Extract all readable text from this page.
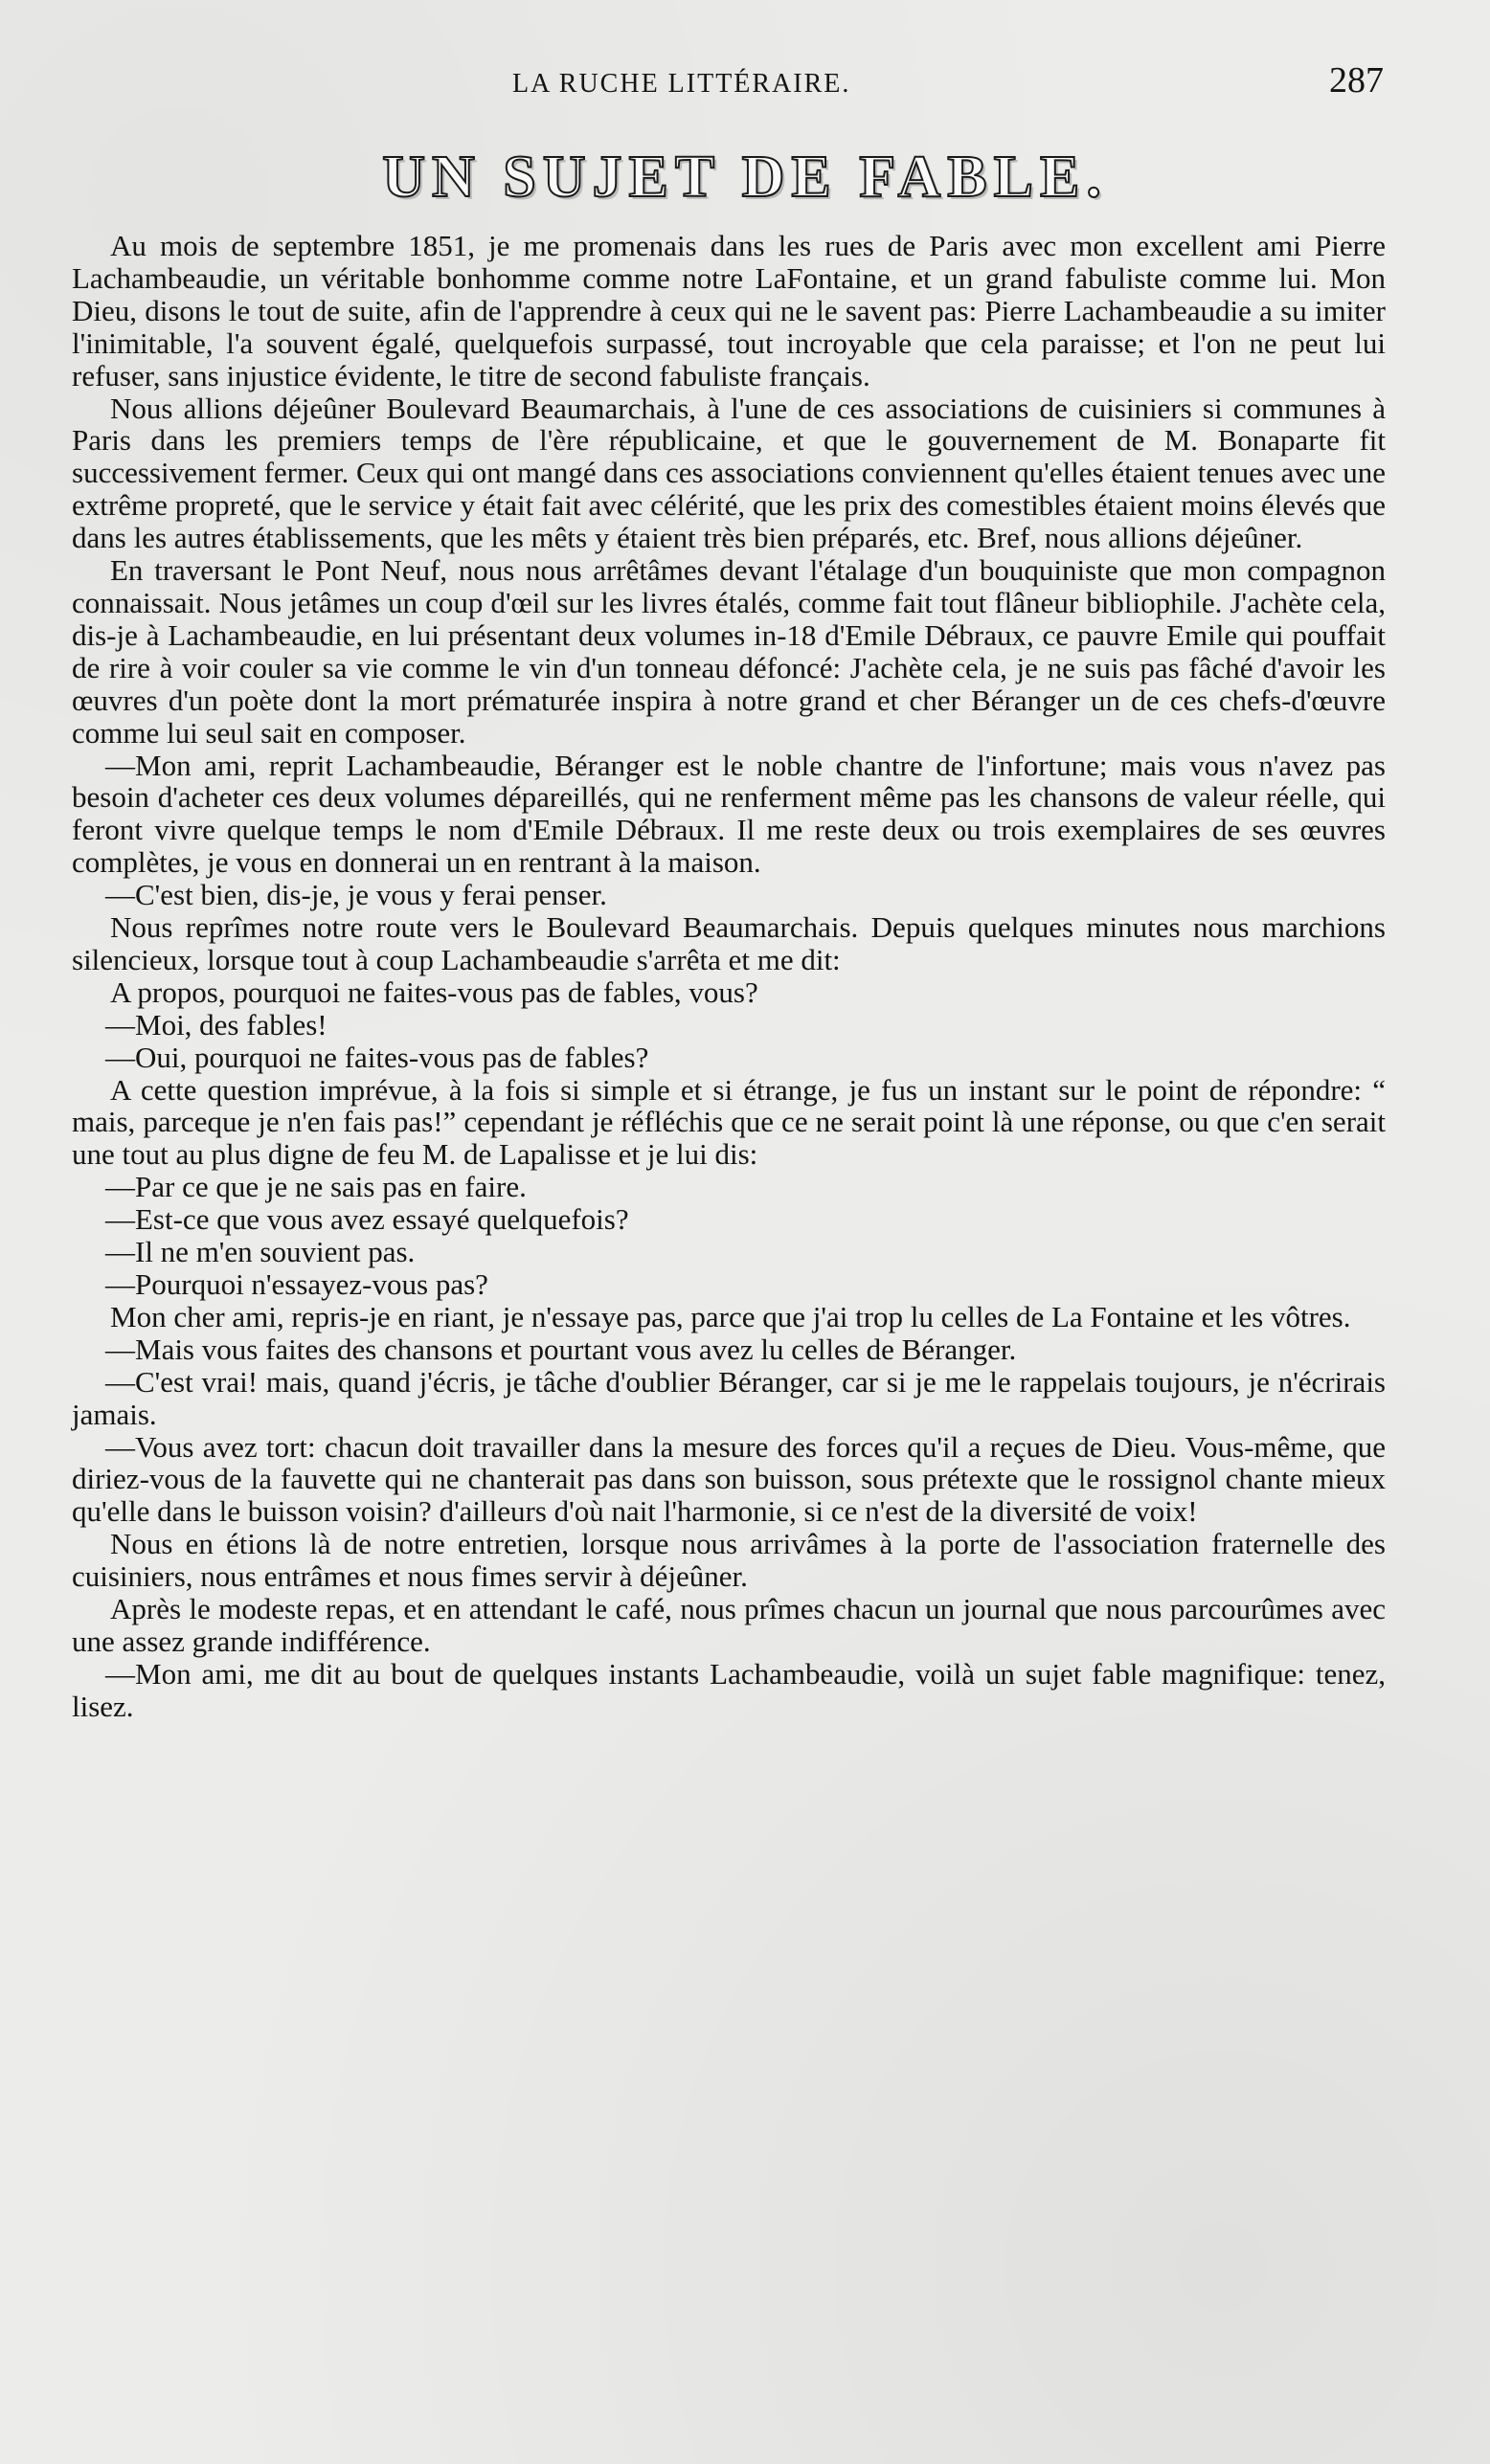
LA RUCHE LITTÉRAIRE.	287
UN SUJET DE FABLE.

Au mois de septembre 1851, je me promenais dans les rues de Paris avec mon excellent ami Pierre Lachambeaudie, un véritable bonhomme comme notre LaFontaine, et un grand fabuliste comme lui. Mon Dieu, disons le tout de suite, afin de l'apprendre à ceux qui ne le savent pas: Pierre Lachambeaudie a su imiter l'inimitable, l'a souvent égalé, quelquefois surpassé, tout incroyable que cela paraisse; et l'on ne peut lui refuser, sans injustice évidente, le titre de second fabuliste français.

Nous allions déjeûner Boulevard Beaumarchais, à l'une de ces associations de cuisiniers si communes à Paris dans les premiers temps de l'ère républicaine, et que le gouvernement de M. Bonaparte fit successivement fermer. Ceux qui ont mangé dans ces associations conviennent qu'elles étaient tenues avec une extrême propreté, que le service y était fait avec célérité, que les prix des comestibles étaient moins élevés que dans les autres établissements, que les mêts y étaient très bien préparés, etc. Bref, nous allions déjeûner.

En traversant le Pont Neuf, nous nous arrêtâmes devant l'étalage d'un bouquiniste que mon compagnon connaissait. Nous jetâmes un coup d'œil sur les livres étalés, comme fait tout flâneur bibliophile. J'achète cela, dis-je à Lachambeaudie, en lui présentant deux volumes in-18 d'Emile Débraux, ce pauvre Emile qui pouffait de rire à voir couler sa vie comme le vin d'un tonneau défoncé: J'achète cela, je ne suis pas fâché d'avoir les œuvres d'un poète dont la mort prématurée inspira à notre grand et cher Béranger un de ces chefs-d'œuvre comme lui seul sait en composer.

—Mon ami, reprit Lachambeaudie, Béranger est le noble chantre de l'infortune; mais vous n'avez pas besoin d'acheter ces deux volumes dépareillés, qui ne renferment même pas les chansons de valeur réelle, qui feront vivre quelque temps le nom d'Emile Débraux. Il me reste deux ou trois exemplaires de ses œuvres complètes, je vous en donnerai un en rentrant à la maison.

—C'est bien, dis-je, je vous y ferai penser.

Nous reprîmes notre route vers le Boulevard Beaumarchais. Depuis quelques minutes nous marchions silencieux, lorsque tout à coup Lachambeaudie s'arrêta et me dit:

A propos, pourquoi ne faites-vous pas de fables, vous?

—Moi, des fables!

—Oui, pourquoi ne faites-vous pas de fables?

A cette question imprévue, à la fois si simple et si étrange, je fus un instant sur le point de répondre: “ mais, parceque je n'en fais pas!” cependant je réfléchis que ce ne serait point là une réponse, ou que c'en serait une tout au plus digne de feu M. de Lapalisse et je lui dis:

—Par ce que je ne sais pas en faire.

—Est-ce que vous avez essayé quelquefois?

—Il ne m'en souvient pas.

—Pourquoi n'essayez-vous pas?

Mon cher ami, repris-je en riant, je n'essaye pas, parce que j'ai trop lu celles de La Fontaine et les vôtres.

—Mais vous faites des chansons et pourtant vous avez lu celles de Béranger.

—C'est vrai! mais, quand j'écris, je tâche d'oublier Béranger, car si je me le rappelais toujours, je n'écrirais jamais.

—Vous avez tort: chacun doit travailler dans la mesure des forces qu'il a reçues de Dieu. Vous-même, que diriez-vous de la fauvette qui ne chanterait pas dans son buisson, sous prétexte que le rossignol chante mieux qu'elle dans le buisson voisin? d'ailleurs d'où nait l'harmonie, si ce n'est de la diversité de voix!

Nous en étions là de notre entretien, lorsque nous arrivâmes à la porte de l'association fraternelle des cuisiniers, nous entrâmes et nous fimes servir à déjeûner.

Après le modeste repas, et en attendant le café, nous prîmes chacun un journal que nous parcourûmes avec une assez grande indifférence.

—Mon ami, me dit au bout de quelques instants Lachambeaudie, voilà un sujet fable magnifique: tenez, lisez.
